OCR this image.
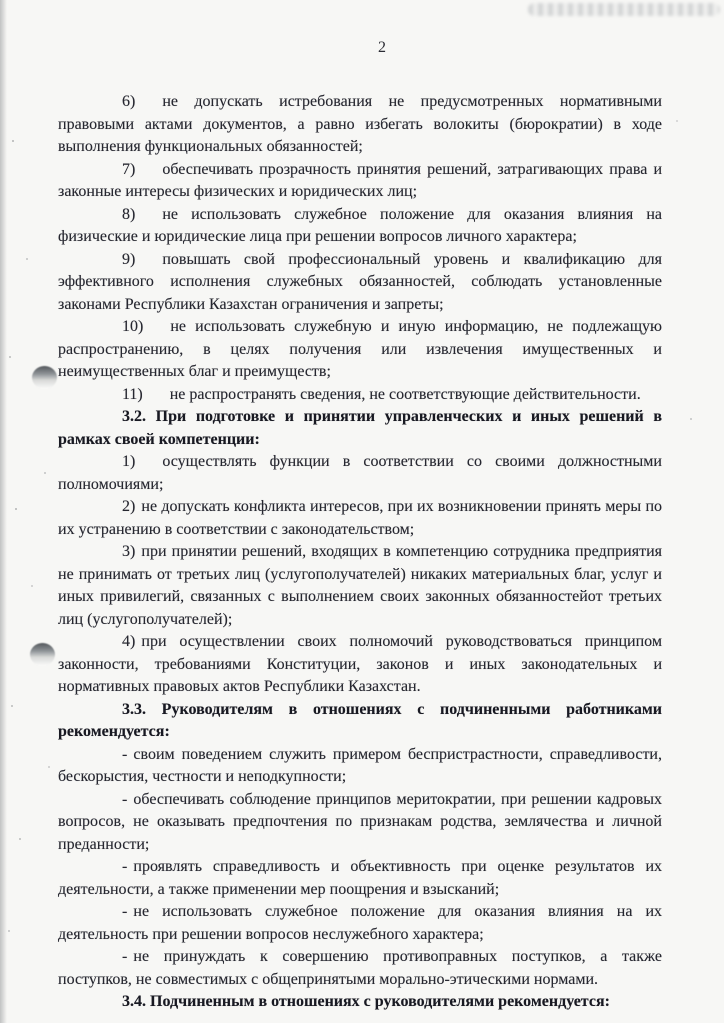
2

6) не допускать истребования не предусмотренных нормативными правовыми актами документов, а равно избегать волокиты (бюрократии) в ходе выполнения функциональных обязанностей;

7) обеспечивать прозрачность принятия решений, затрагивающих права и законные интересы физических и юридических лиц;

8) не использовать служебное положение для оказания влияния на физические и юридические лица при решении вопросов личного характера;

9) повышать свой профессиональный уровень и квалификацию для эффективного исполнения служебных обязанностей, соблюдать установленные законами Республики Казахстан ограничения и запреты;

10) не использовать служебную и иную информацию, не подлежащую распространению, в целях получения или извлечения имущественных и неимущественных благ и преимуществ;

11) не распространять сведения, не соответствующие действительности.

3.2. При подготовке и принятии управленческих и иных решений в рамках своей компетенции:

1) осуществлять функции в соответствии со своими должностными полномочиями;

2) не допускать конфликта интересов, при их возникновении принять меры по их устранению в соответствии с законодательством;

3) при принятии решений, входящих в компетенцию сотрудника предприятия не принимать от третьих лиц (услугополучателей) никаких материальных благ, услуг и иных привилегий, связанных с выполнением своих законных обязанностейот третьих лиц (услугополучателей);

4) при осуществлении своих полномочий руководствоваться принципом законности, требованиями Конституции, законов и иных законодательных и нормативных правовых актов Республики Казахстан.

3.3. Руководителям в отношениях с подчиненными работниками рекомендуется:

- своим поведением служить примером беспристрастности, справедливости, бескорыстия, честности и неподкупности;

- обеспечивать соблюдение принципов меритократии, при решении кадровых вопросов, не оказывать предпочтения по признакам родства, землячества и личной преданности;

- проявлять справедливость и объективность при оценке результатов их деятельности, а также применении мер поощрения и взысканий;

- не использовать служебное положение для оказания влияния на их деятельность при решении вопросов неслужебного характера;

- не принуждать к совершению противоправных поступков, а также поступков, не совместимых с общепринятыми морально-этическими нормами.

3.4. Подчиненным в отношениях с руководителями рекомендуется:
